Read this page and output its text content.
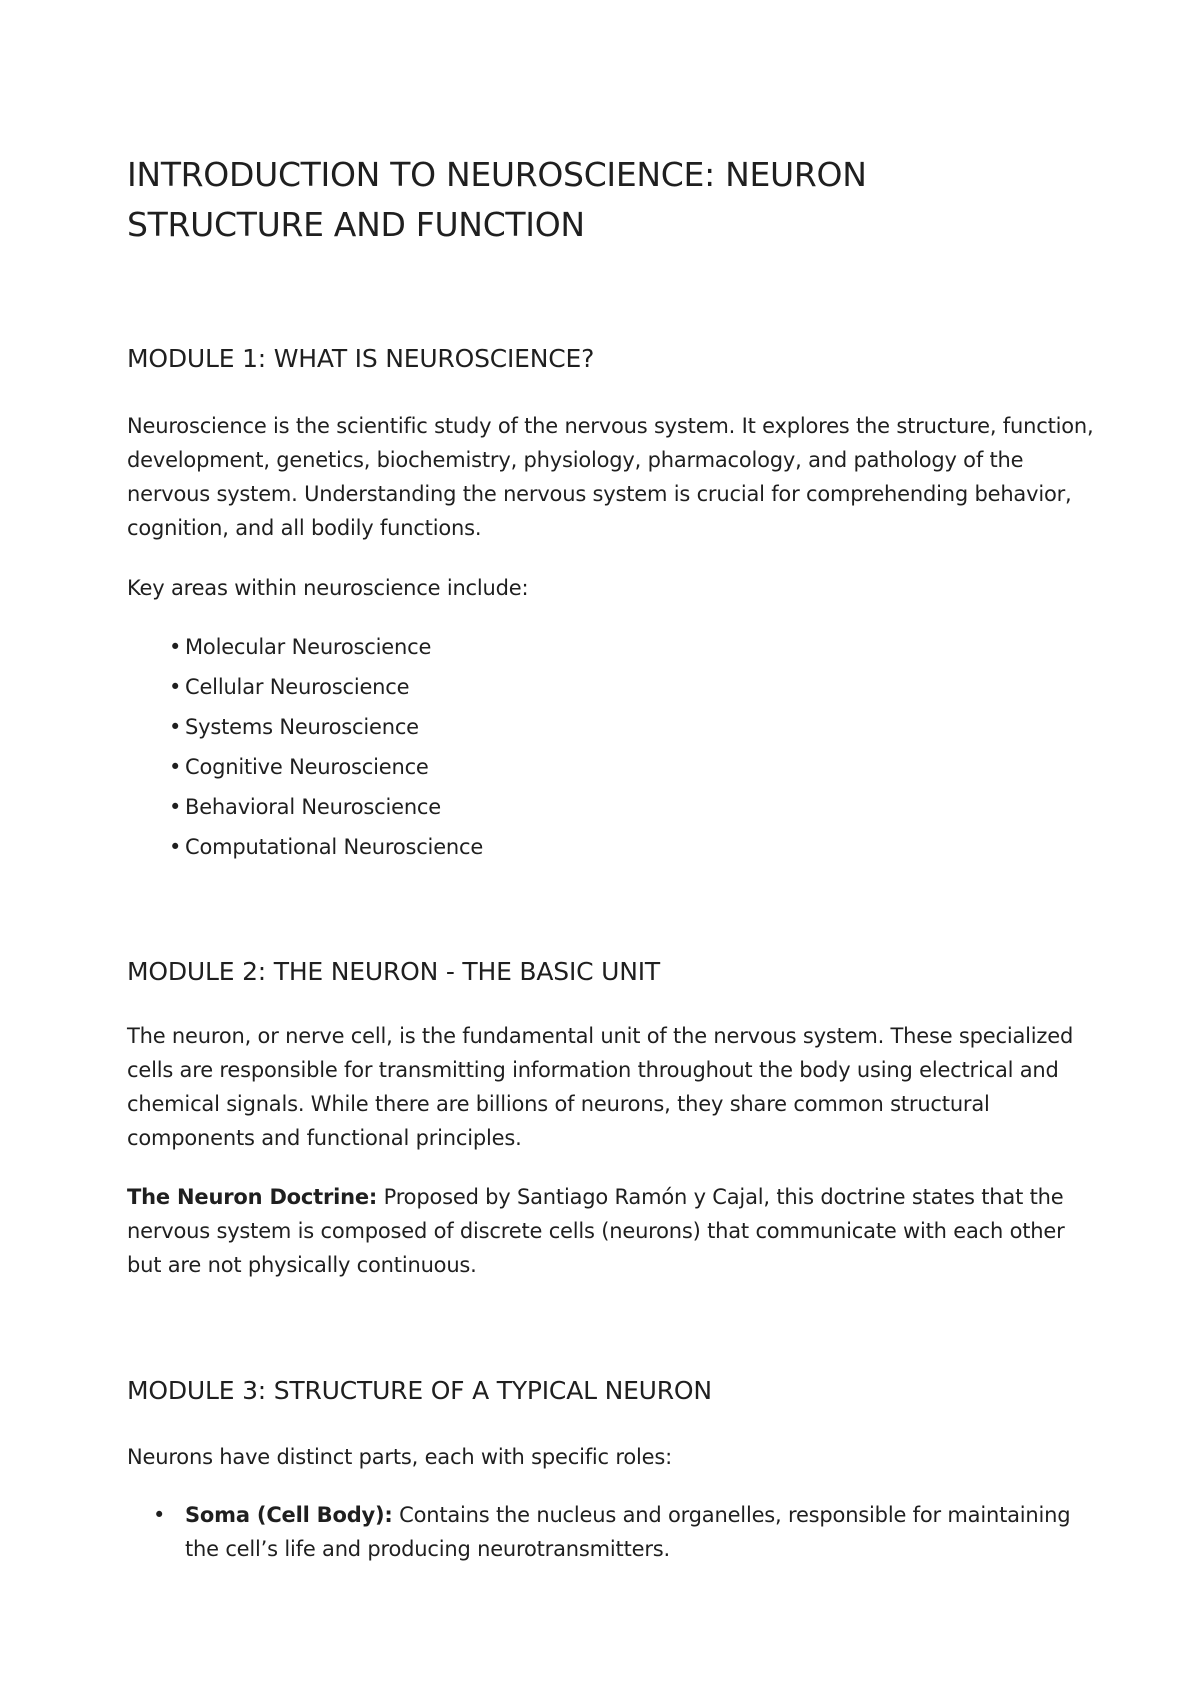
INTRODUCTION TO NEUROSCIENCE: NEURON
STRUCTURE AND FUNCTION
MODULE 1: WHAT IS NEUROSCIENCE?

Neuroscience is the scientific study of the nervous system. It explores the structure, function, development, genetics, biochemistry, physiology, pharmacology, and pathology of the nervous system. Understanding the nervous system is crucial for comprehending behavior, cognition, and all bodily functions.

Key areas within neuroscience include:

• Molecular Neuroscience
• Cellular Neuroscience
• Systems Neuroscience
• Cognitive Neuroscience
• Behavioral Neuroscience
• Computational Neuroscience
MODULE 2: THE NEURON - THE BASIC UNIT

The neuron, or nerve cell, is the fundamental unit of the nervous system. These specialized cells are responsible for transmitting information throughout the body using electrical and chemical signals. While there are billions of neurons, they share common structural components and functional principles.

The Neuron Doctrine: Proposed by Santiago Ramón y Cajal, this doctrine states that the nervous system is composed of discrete cells (neurons) that communicate with each other but are not physically continuous.

MODULE 3: STRUCTURE OF A TYPICAL NEURON

Neurons have distinct parts, each with specific roles:

• Soma (Cell Body): Contains the nucleus and organelles, responsible for maintaining the cell’s life and producing neurotransmitters.
